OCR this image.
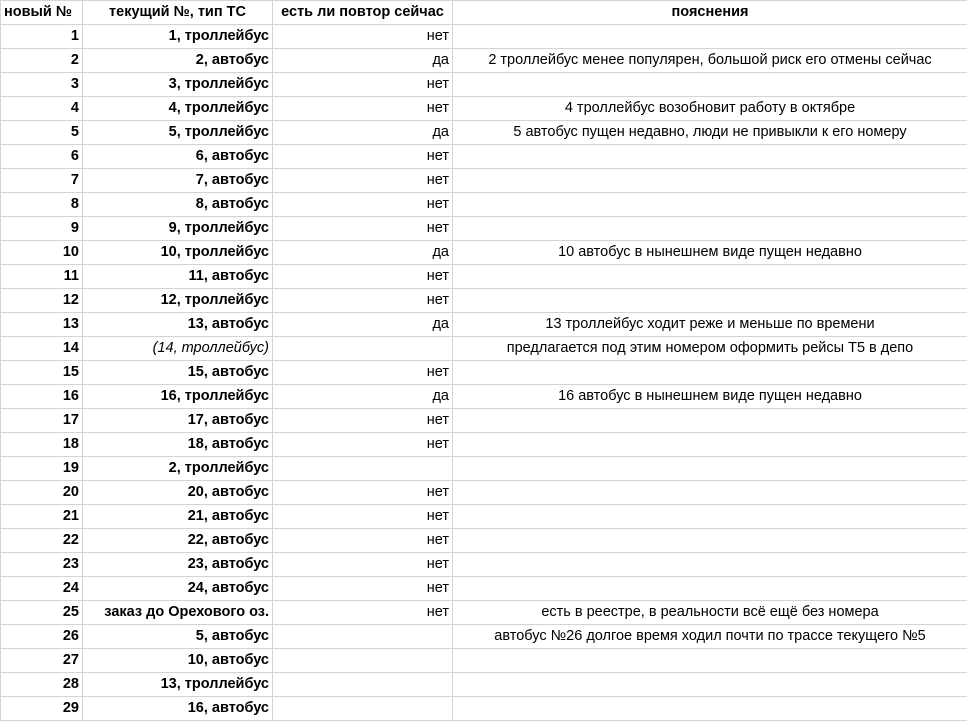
новый №	текущий №, тип ТС	есть ли повтор сейчас	пояснения
1	1, троллейбус	нет	
2	2, автобус	да	2 троллейбус менее популярен, большой риск его отмены сейчас
3	3, троллейбус	нет	
4	4, троллейбус	нет	4 троллейбус возобновит работу в октябре
5	5, троллейбус	да	5 автобус пущен недавно, люди не привыкли к его номеру
6	6, автобус	нет	
7	7, автобус	нет	
8	8, автобус	нет	
9	9, троллейбус	нет	
10	10, троллейбус	да	10 автобус в нынешнем виде пущен недавно
11	11, автобус	нет	
12	12, троллейбус	нет	
13	13, автобус	да	13 троллейбус ходит реже и меньше по времени
14	(14, троллейбус)		предлагается под этим номером оформить рейсы Т5 в депо
15	15, автобус	нет	
16	16, троллейбус	да	16 автобус в нынешнем виде пущен недавно
17	17, автобус	нет	
18	18, автобус	нет	
19	2, троллейбус		
20	20, автобус	нет	
21	21, автобус	нет	
22	22, автобус	нет	
23	23, автобус	нет	
24	24, автобус	нет	
25	заказ до Орехового оз.	нет	есть в реестре, в реальности всё ещё без номера
26	5, автобус		автобус №26 долгое время ходил почти по трассе текущего №5
27	10, автобус		
28	13, троллейбус		
29	16, автобус		
